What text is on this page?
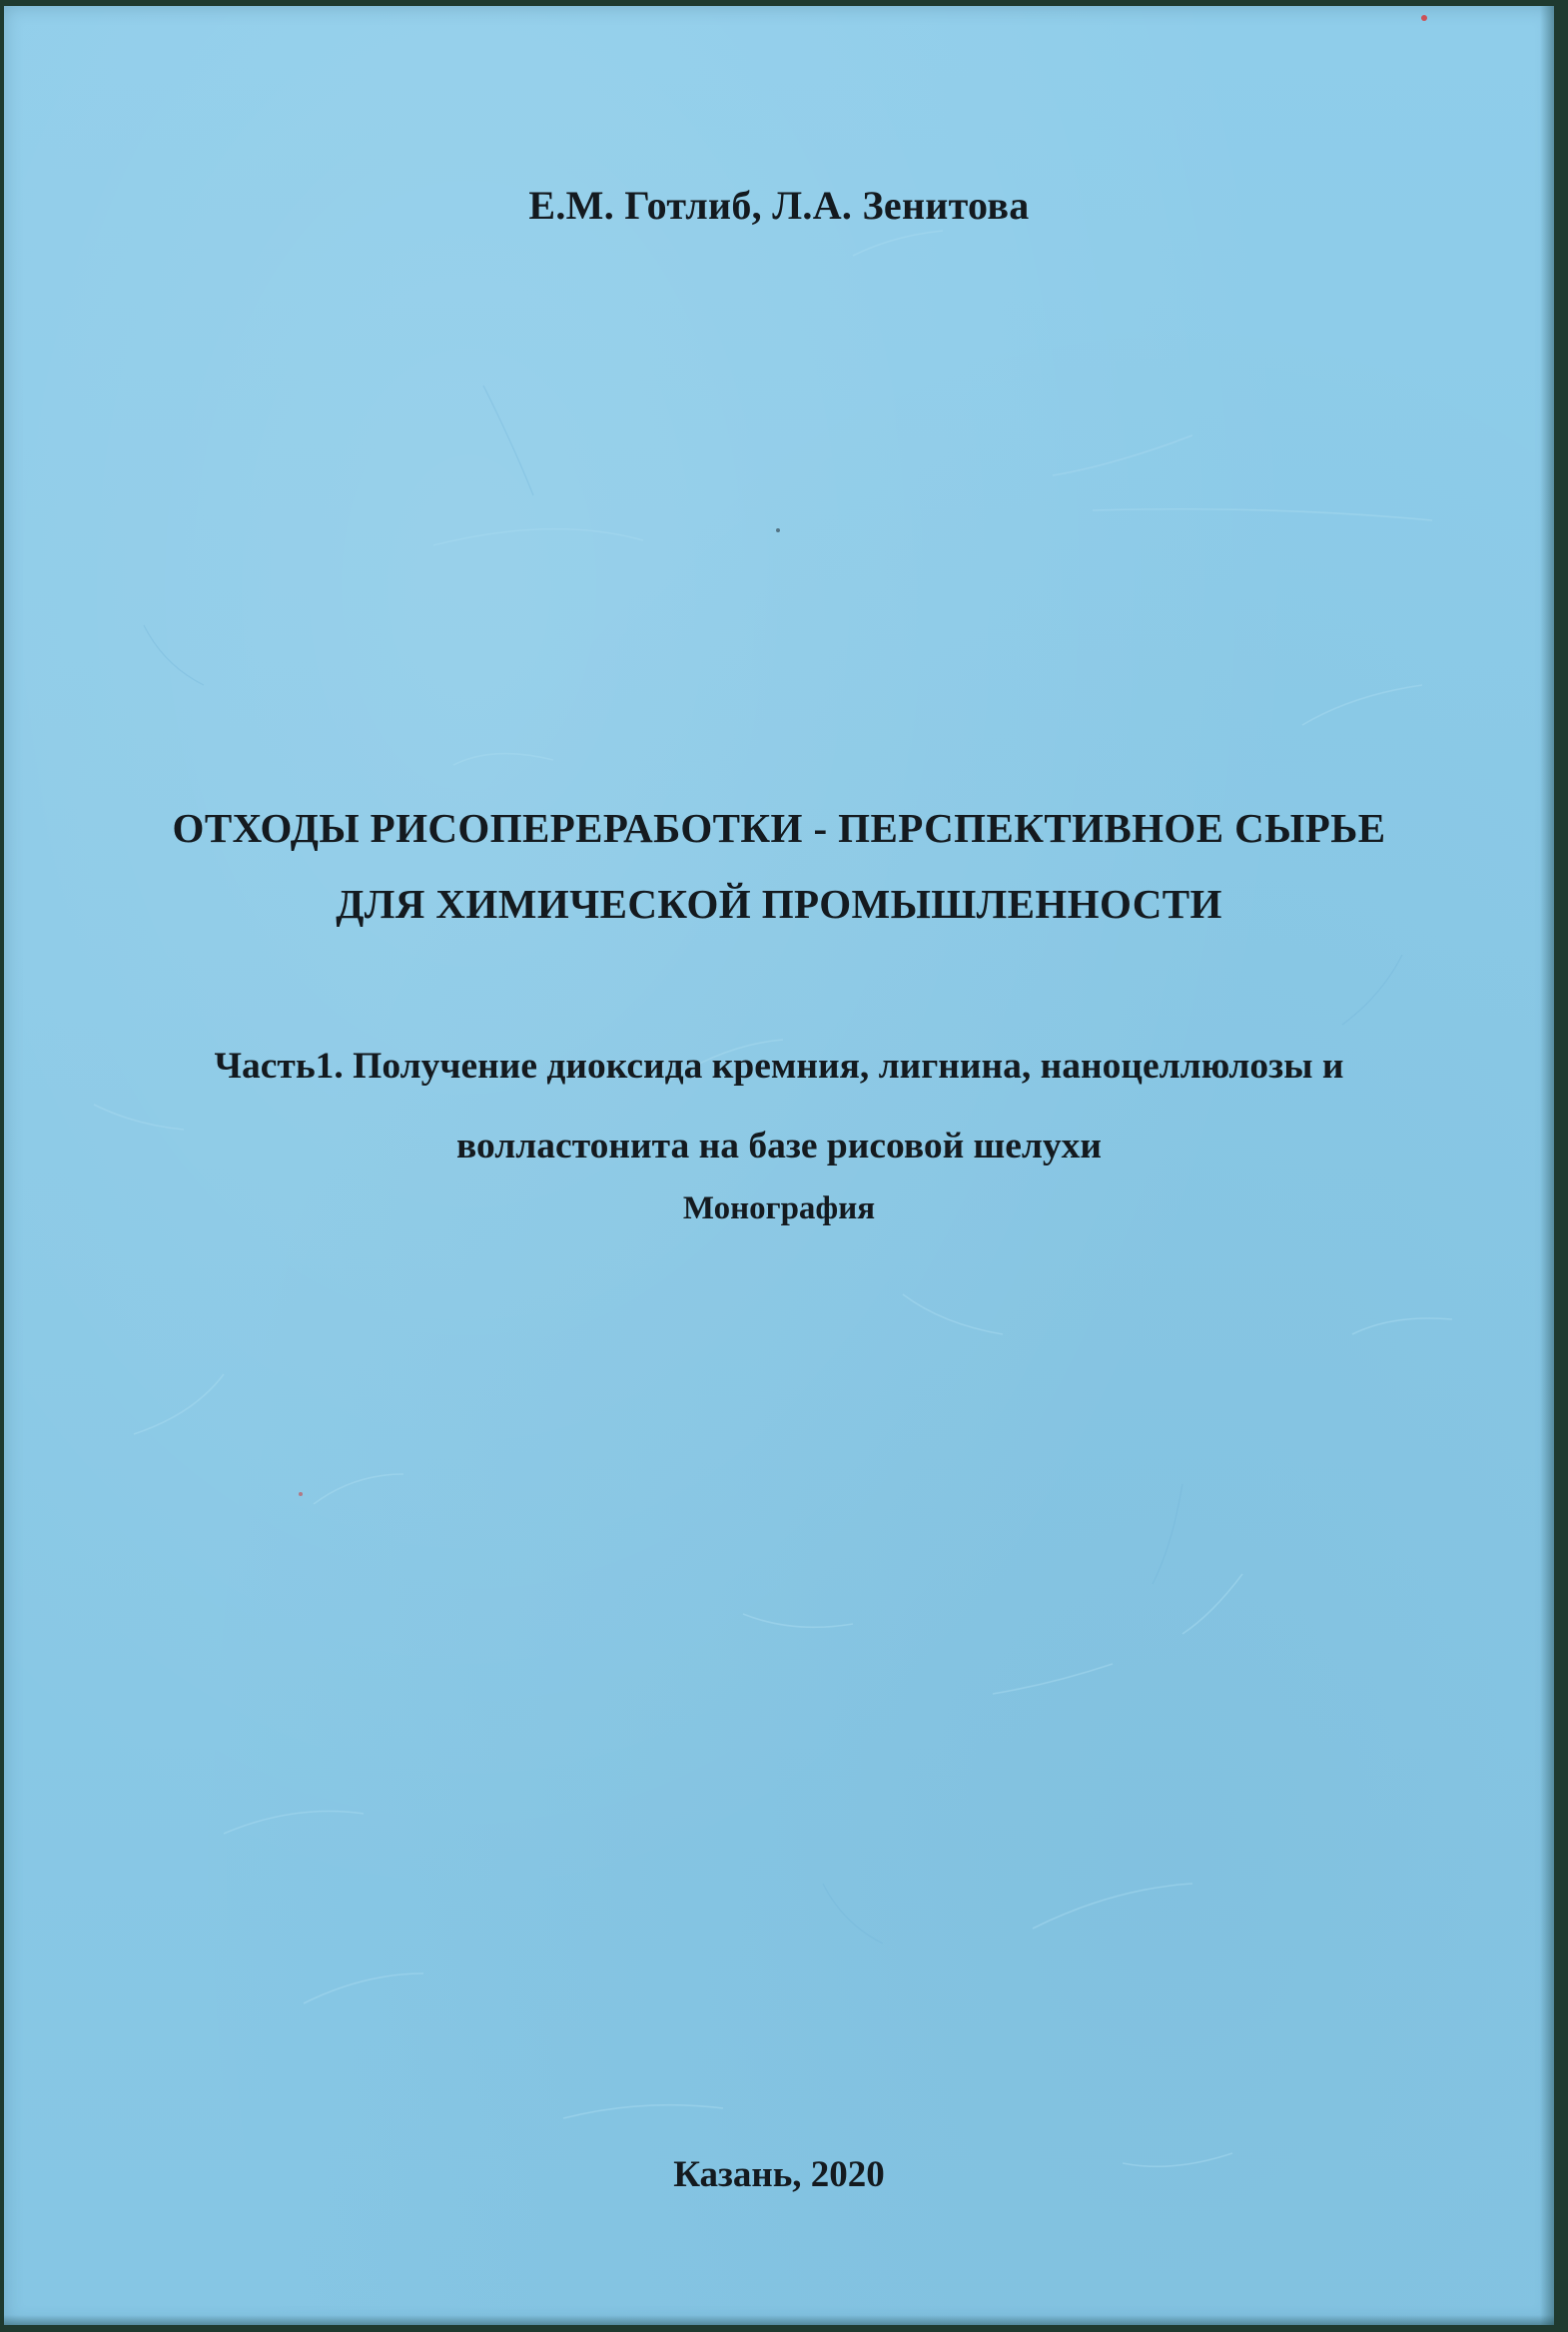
Е.М. Готлиб, Л.А. Зенитова

ОТХОДЫ РИСОПЕРЕРАБОТКИ - ПЕРСПЕКТИВНОЕ СЫРЬЕ
ДЛЯ ХИМИЧЕСКОЙ ПРОМЫШЛЕННОСТИ
Часть1. Получение диоксида кремния, лигнина, наноцеллюлозы и
волластонита на базе рисовой шелухи

Монография

Казань, 2020
